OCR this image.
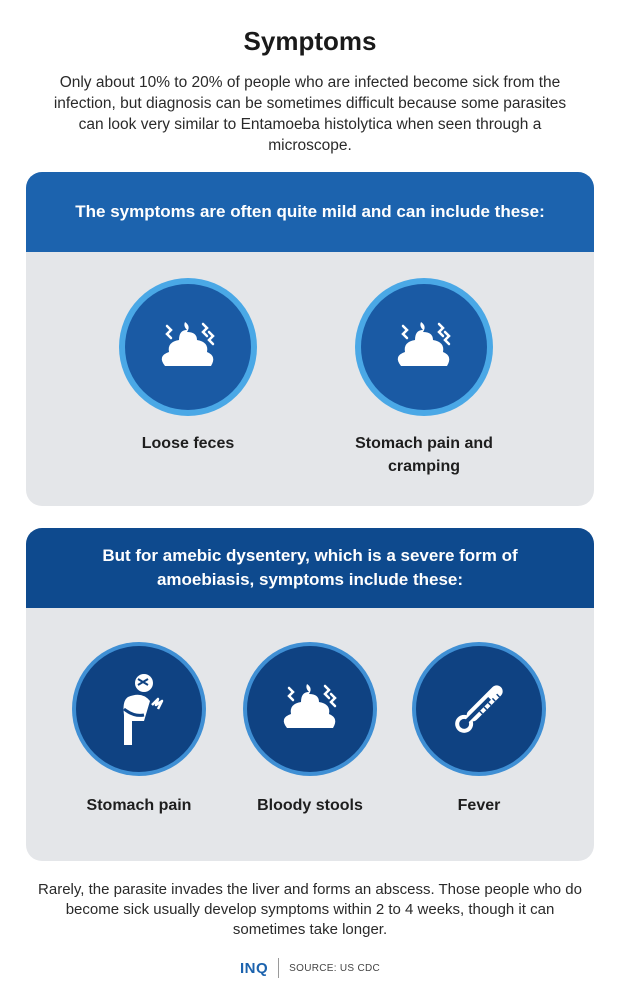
Symptoms
Only about 10% to 20% of people who are infected become sick from the infection, but diagnosis can be sometimes difficult because some parasites can look very similar to Entamoeba histolytica when seen through a microscope.
The symptoms are often quite mild and can include these:
Loose feces	Stomach pain and cramping
But for amebic dysentery, which is a severe form of amoebiasis, symptoms include these:
Stomach pain	Bloody stools	Fever
Rarely, the parasite invades the liver and forms an abscess. Those people who do become sick usually develop symptoms within 2 to 4 weeks, though it can sometimes take longer.
INQ SOURCE: US CDC
